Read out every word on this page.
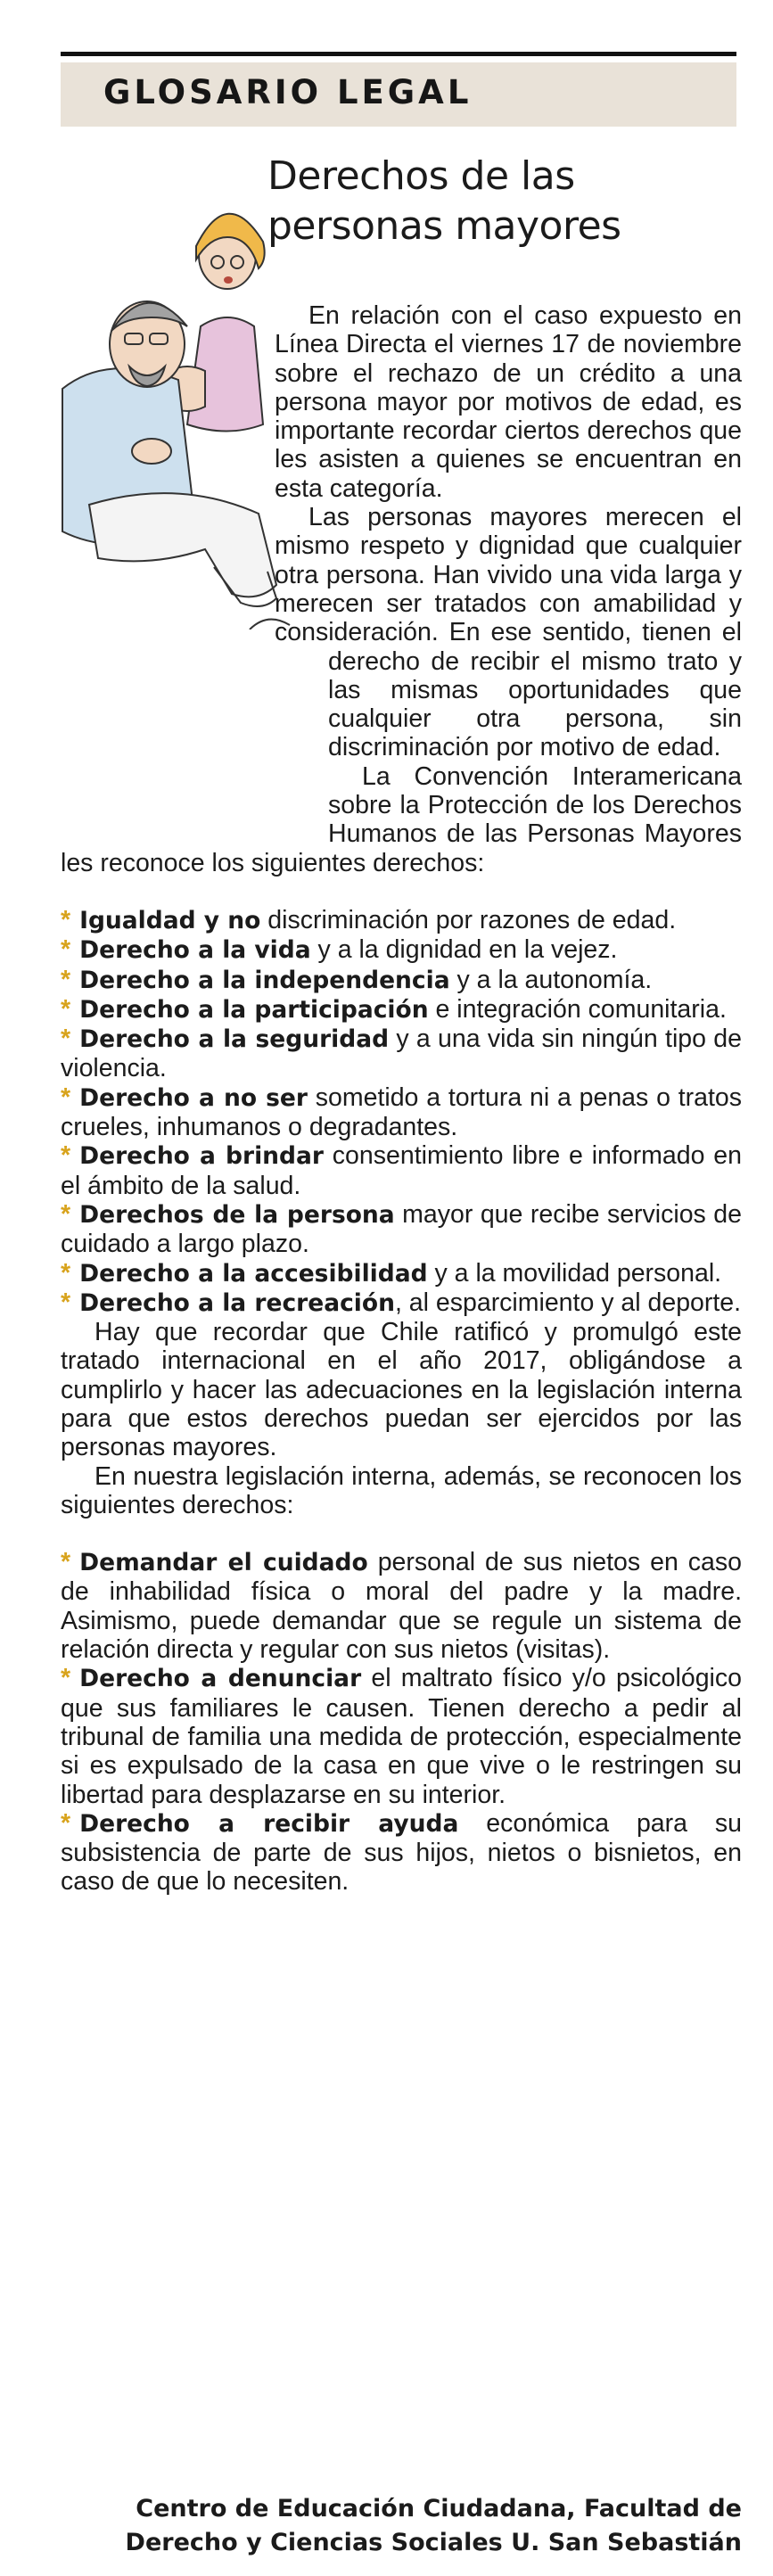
GLOSARIO LEGAL
Derechos de las
personas mayores

En relación con el caso expuesto en Línea Directa el viernes 17 de noviembre sobre el rechazo de un crédito a una persona mayor por motivos de edad, es importante recordar ciertos derechos que les asisten a quienes se encuentran en esta categoría.

Las personas mayores merecen el mismo respeto y dignidad que cualquier otra persona. Han vivido una vida larga y merecen ser tratados con amabilidad y consideración. En ese sentido, tienen el derecho de recibir el mismo trato y las mismas oportunidades que cualquier otra persona, sin discriminación por motivo de edad.

La Convención Interamericana sobre la Protección de los Derechos Humanos de las Personas Mayores les reconoce los siguientes derechos:

* Igualdad y no discriminación por razones de edad.
* Derecho a la vida y a la dignidad en la vejez.
* Derecho a la independencia y a la autonomía.
* Derecho a la participación e integración comunitaria.
* Derecho a la seguridad y a una vida sin ningún tipo de violencia.
* Derecho a no ser sometido a tortura ni a penas o tratos crueles, inhumanos o degradantes.
* Derecho a brindar consentimiento libre e informado en el ámbito de la salud.
* Derechos de la persona mayor que recibe servicios de cuidado a largo plazo.
* Derecho a la accesibilidad y a la movilidad personal.
* Derecho a la recreación, al esparcimiento y al deporte.

Hay que recordar que Chile ratificó y promulgó este tratado internacional en el año 2017, obligándose a cumplirlo y hacer las adecuaciones en la legislación interna para que estos derechos puedan ser ejercidos por las personas mayores.

En nuestra legislación interna, además, se reconocen los siguientes derechos:

* Demandar el cuidado personal de sus nietos en caso de inhabilidad física o moral del padre y la madre. Asimismo, puede demandar que se regule un sistema de relación directa y regular con sus nietos (visitas).
* Derecho a denunciar el maltrato físico y/o psicológico que sus familiares le causen. Tienen derecho a pedir al tribunal de familia una medida de protección, especialmente si es expulsado de la casa en que vive o le restringen su libertad para desplazarse en su interior.
* Derecho a recibir ayuda económica para su subsistencia de parte de sus hijos, nietos o bisnietos, en caso de que lo necesiten.
Centro de Educación Ciudadana, Facultad de
Derecho y Ciencias Sociales U. San Sebastián
